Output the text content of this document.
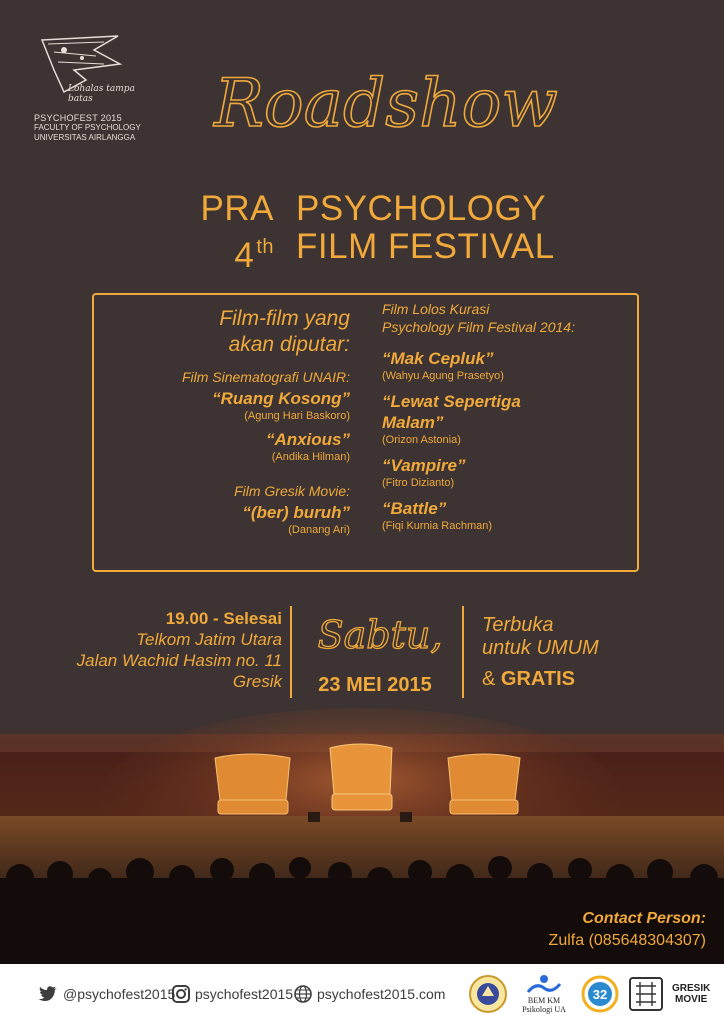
Lohalas tampa batas
PSYCHOFEST 2015
FACULTY OF PSYCHOLOGY
UNIVERSITAS AIRLANGGA Roadshow
PRA
4 $^{th}$
PSYCHOLOGY
FILM FESTIVAL
Film-film yang
akan diputar:
Film Sinematografi UNAIR:
“Ruang Kosong”
(Agung Hari Baskoro)
“Anxious”
(Andika Hilman)
Film Gresik Movie:
“(ber) buruh”
(Danang Ari)
Film Lolos Kurasi
Psychology Film Festival 2014:
“Mak Cepluk”
(Wahyu Agung Prasetyo)
“Lewat Sepertiga
Malam”
(Orizon Astonia)
“Vampire”
(Fitro Dizianto)
“Battle”
(Fiqi Kurnia Rachman)
19.00 - Selesai
Telkom Jatim Utara
Jalan Wachid Hasim no. 11
Gresik
Sabtu,
23 MEI 2015
Terbuka
untuk UMUM
& GRATIS
Contact Person:
Zulfa (085648304307)
@psychofest2015 psychofest2015 psychofest2015.com	BEM KM
Psikologi UA
32	GRESIK
MOVIE
